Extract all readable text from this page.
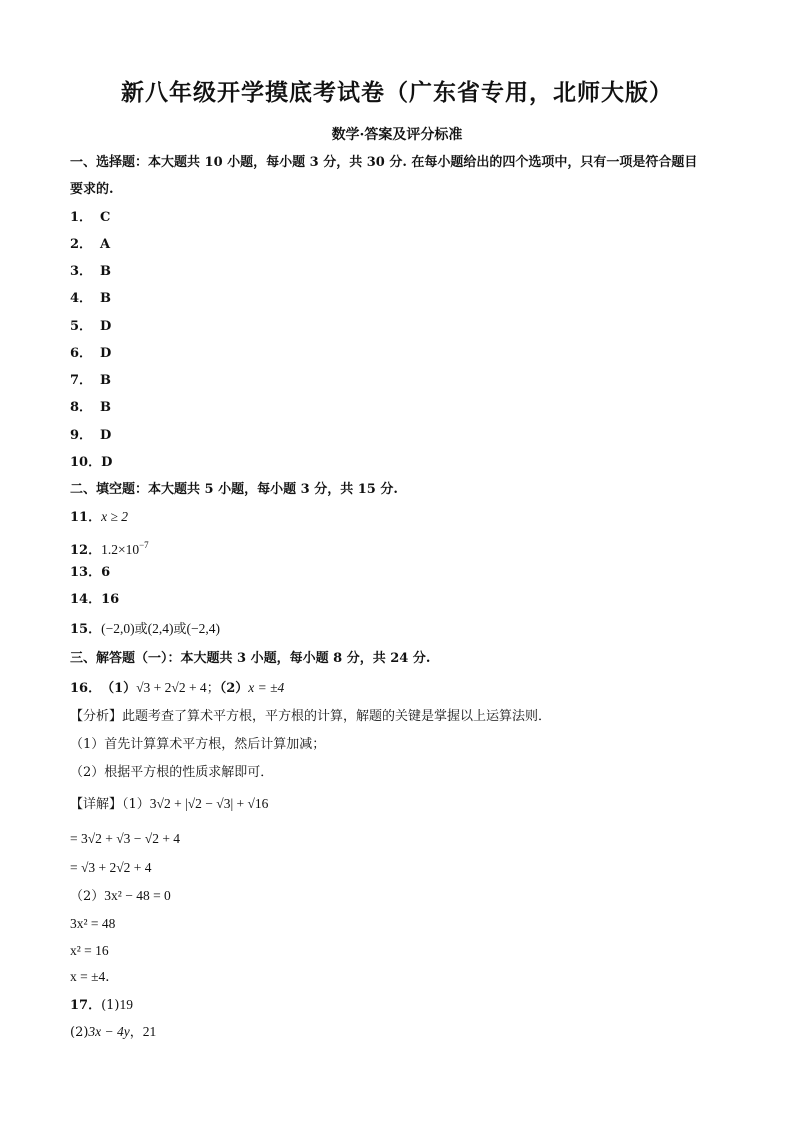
新八年级开学摸底考试卷（广东省专用，北师大版）
数学·答案及评分标准
一、选择题：本大题共 10 小题，每小题 3 分，共 30 分. 在每小题给出的四个选项中，只有一项是符合题目
要求的.
1． C
2． A
3． B
4． B
5． D
6． D
7． B
8． B
9． D
10．D
二、填空题：本大题共 5 小题，每小题 3 分，共 15 分.
11．x ≥ 2
12．$1.2\times 10^{-7}$
13．6
14．16
15．(−2,0)或(2,4)或(−2,4)
三、解答题（一）：本大题共 3 小题，每小题 8 分，共 24 分.
16．（1）√3 + 2√2 + 4；（2）x = ±4
【分析】此题考查了算术平方根，平方根的计算，解题的关键是掌握以上运算法则．
（1）首先计算算术平方根，然后计算加减；
（2）根据平方根的性质求解即可．
【详解】（1）3√2 + |√2 − √3| + √16
= 3√2 + √3 − √2 + 4
= √3 + 2√2 + 4
（2）3x² − 48 = 0
3x² = 48
x² = 16
x = ±4．
17．(1)19
(2)3x − 4y，21
